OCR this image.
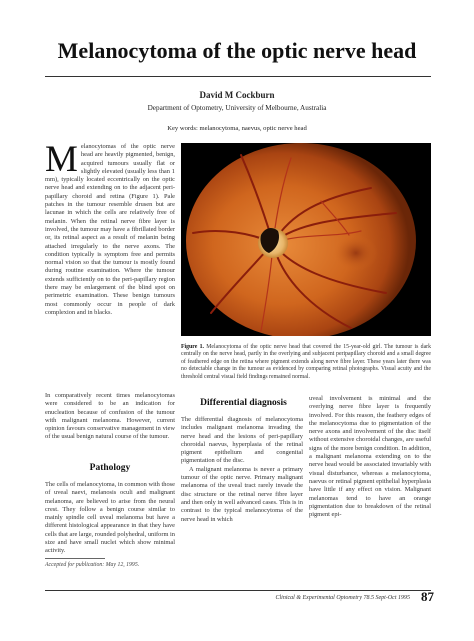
Melanocytoma of the optic nerve head
David M Cockburn
Department of Optometry, University of Melbourne, Australia
Key words: melanocytoma, naevus, optic nerve head

Melanocytomas of the optic nerve head are heavily pigmented, benign, acquired tumours usually flat or slightly elevated (usually less than 1 mm), typically located eccentrically on the optic nerve head and extending on to the adjacent peri-papillary choroid and retina (Figure 1). Pale patches in the tumour resemble drusen but are lacunae in which the cells are relatively free of melanin. When the retinal nerve fibre layer is involved, the tumour may have a fibrillated border or, its retinal aspect as a result of melanin being attached irregularly to the nerve axons. The condition typically is symptom free and permits normal vision so that the tumour is mostly found during routine examination. Where the tumour extends sufficiently on to the peri-papillary region there may be enlargement of the blind spot on perimetric examination. These benign tumours most commonly occur in people of dark complexion and in blacks.

In comparatively recent times melanocytomas were considered to be an indication for enucleation because of confusion of the tumour with malignant melanoma. However, current opinion favours conservative management in view of the usual benign natural course of the tumour.

Pathology

The cells of melanocytoma, in common with those of uveal naevi, melanosis oculi and malignant melanoma, are believed to arise from the neural crest. They follow a benign course similar to mainly spindle cell uveal melanoma but have a different histological appearance in that they have cells that are large, rounded polyhedral, uniform in size and have small nuclei which show minimal activity.

Accepted for publication: May 12, 1995.
Figure 1. Melanocytoma of the optic nerve head that covered the 15-year-old girl. The tumour is dark centrally on the nerve head, partly in the overlying and subjacent peripapillary choroid and a small degree of feathered edge on the retina where pigment extends along nerve fibre layer. These years later there was no detectable change in the tumour as evidenced by comparing retinal photographs. Visual acuity and the threshold central visual field findings remained normal.
Differential diagnosis

The differential diagnosis of melanocytoma includes malignant melanoma invading the nerve head and the lesions of peri-papillary choroidal naevus, hyperplasia of the retinal pigment epithelium and congenital pigmentation of the disc.

A malignant melanoma is never a primary tumour of the optic nerve. Primary malignant melanoma of the uveal tract rarely invade the disc structure or the retinal nerve fibre layer and then only in well advanced cases. This is in contrast to the typical melanocytoma of the nerve head in which

uveal involvement is minimal and the overlying nerve fibre layer is frequently involved. For this reason, the feathery edges of the melanocytoma due to pigmentation of the nerve axons and involvement of the disc itself without extensive choroidal changes, are useful signs of the more benign condition. In addition, a malignant melanoma extending on to the nerve head would be associated invariably with visual disturbance, whereas a melanocytoma, naevus or retinal pigment epithelial hyperplasia have little if any effect on vision. Malignant melanomas tend to have an orange pigmentation due to breakdown of the retinal pigment epi-

Clinical & Experimental Optometry 78.5 Sept-Oct 1995 87
